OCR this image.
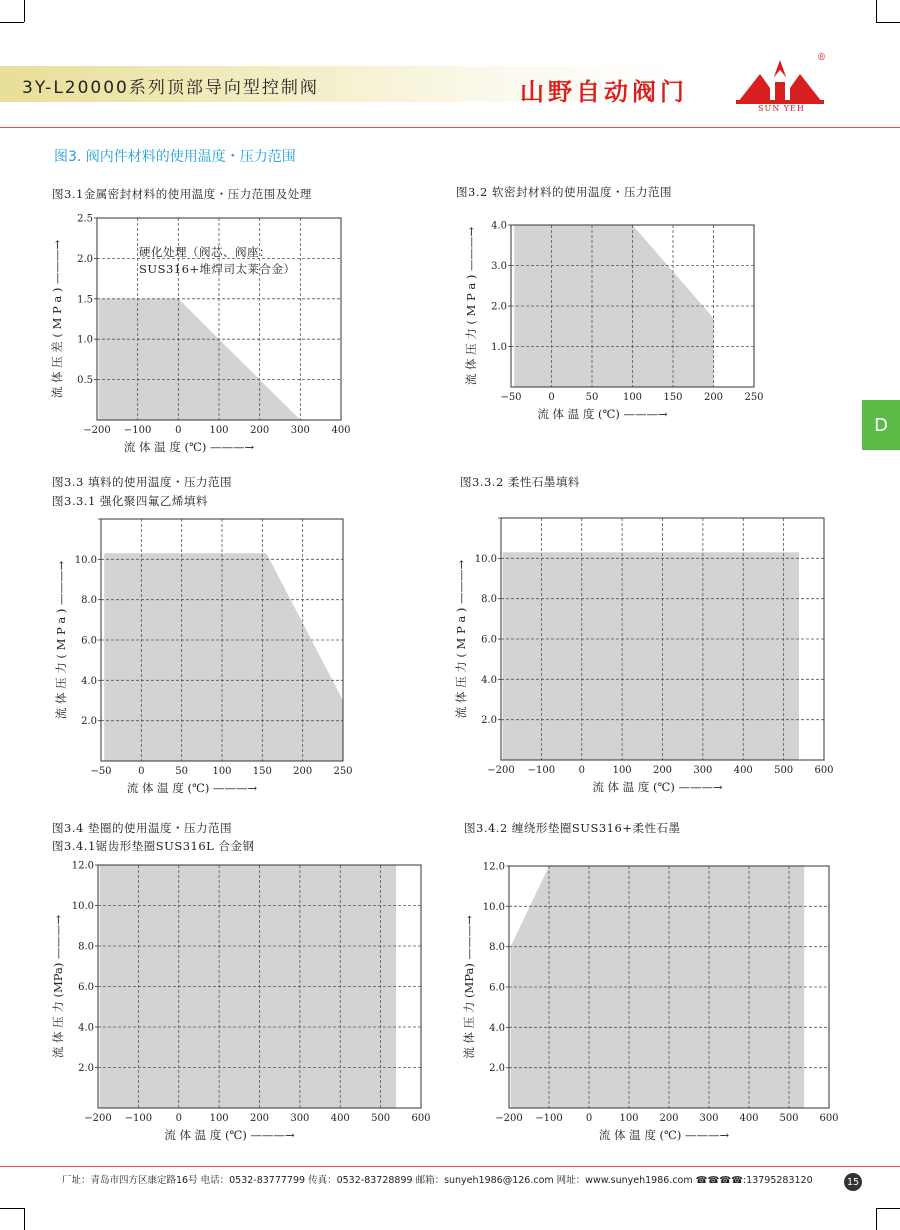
3Y-L20000系列顶部导向型控制阀	山野自动阀门
®
SUN YEH
图3. 阀内件材料的使用温度・压力范围
图3.1金属密封材料的使用温度・压力范围及处理	图3.2 软密封材料的使用温度・压力范围
图3.3 填料的使用温度・压力范围
图3.3.1 强化聚四氟乙烯填料
图3.3.2 柔性石墨填料
图3.4 垫圈的使用温度・压力范围
图3.4.1锯齿形垫圈SUS316L 合金钢
图3.4.2 缠绕形垫圈SUS316+柔性石墨
−200 −100 0	100 200 300 400
0.5
1.0
1.5
2.0
2.5
流 体 温 度 (℃) ———→
流 体 压 差 ( M P a ) ———→	硬化处理（阀芯、阀座：
SUS316+堆焊司太莱合金）
−50	0	50 100 150 200 250
1.0
2.0
3.0
4.0
流 体 温 度 (℃) ———→
流 体 压 力 ( M P a ) ———→
−50	0	50 100 150 200 250
2.0
4.0
6.0
8.0
10.0
流 体 温 度 (℃) ———→
流 体 压 力 ( M P a ) ———→
−200 −100 0	100 200 300 400 500 600
2.0
4.0
6.0
8.0
10.0
流 体 温 度 (℃) ———→
流 体 压 力 ( M P a ) ———→
−200 −100 0	100 200 300 400 500 600
2.0
4.0
6.0
8.0
10.0
12.0
流 体 温 度 (℃) ———→
流 体 压 力 (MPa) ———→
−200 −100 0	100 200 300 400 500 600
2.0
4.0
6.0
8.0
10.0
12.0
流 体 温 度 (℃) ———→
流 体 压 力 (MPa) ———→
D
厂址：青岛市四方区康定路16号 电话：0532-83777799 传真：0532-83728899 邮箱：sunyeh1986@126.com 网址：www.sunyeh1986.com ☎☎☎☎:13795283120	15
